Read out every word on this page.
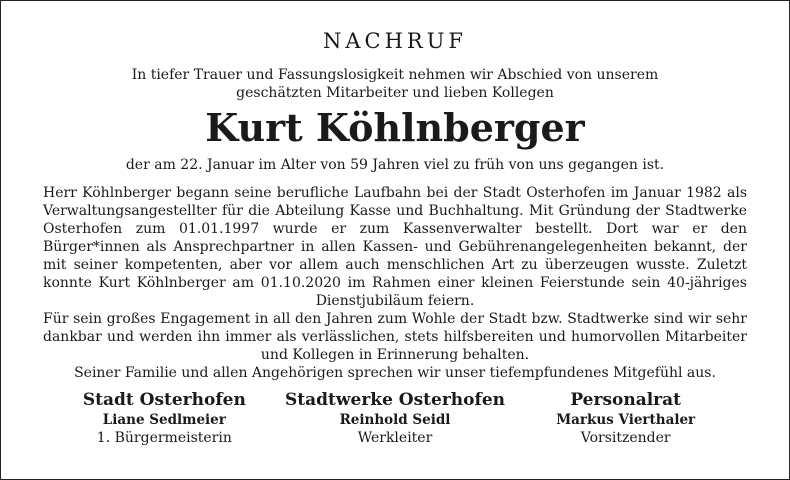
NACHRUF
In tiefer Trauer und Fassungslosigkeit nehmen wir Abschied von unserem
geschätzten Mitarbeiter und lieben Kollegen
Kurt Köhlnberger
der am 22. Januar im Alter von 59 Jahren viel zu früh von uns gegangen ist.

Herr Köhlnberger begann seine berufliche Laufbahn bei der Stadt Osterhofen im Januar 1982 als Verwaltungsangestellter für die Abteilung Kasse und Buchhaltung. Mit Gründung der Stadtwerke Osterhofen zum 01.01.1997 wurde er zum Kassenverwalter bestellt. Dort war er den Bürger*innen als Ansprechpartner in allen Kassen- und Gebührenangelegenheiten bekannt, der mit seiner kompetenten, aber vor allem auch menschlichen Art zu überzeugen wusste. Zuletzt konnte Kurt Köhlnberger am 01.10.2020 im Rahmen einer kleinen Feierstunde sein 40-jähriges Dienstjubiläum feiern.

Für sein großes Engagement in all den Jahren zum Wohle der Stadt bzw. Stadtwerke sind wir sehr dankbar und werden ihn immer als verlässlichen, stets hilfsbereiten und humorvollen Mitarbeiter und Kollegen in Erinnerung behalten.

Seiner Familie und allen Angehörigen sprechen wir unser tiefempfundenes Mitgefühl aus.

Stadt Osterhofen
Liane Sedlmeier
1. Bürgermeisterin
Stadtwerke Osterhofen
Reinhold Seidl
Werkleiter
Personalrat
Markus Vierthaler
Vorsitzender
